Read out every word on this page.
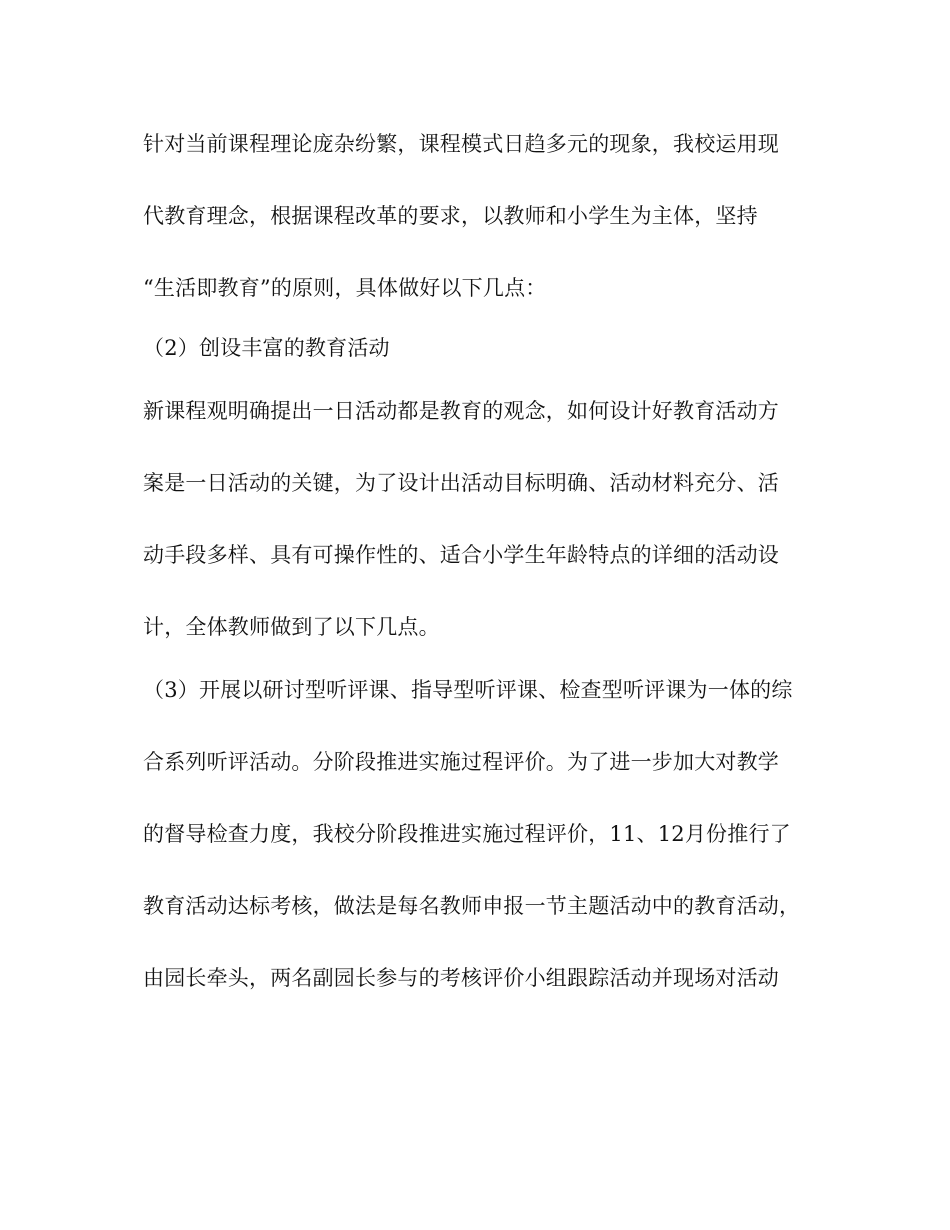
针对当前课程理论庞杂纷繁，课程模式日趋多元的现象，我校运用现
代教育理念，根据课程改革的要求，以教师和小学生为主体，坚持
“生活即教育”的原则，具体做好以下几点：
（2）创设丰富的教育活动
新课程观明确提出一日活动都是教育的观念，如何设计好教育活动方
案是一日活动的关键，为了设计出活动目标明确、活动材料充分、活
动手段多样、具有可操作性的、适合小学生年龄特点的详细的活动设
计，全体教师做到了以下几点。
（3）开展以研讨型听评课、指导型听评课、检查型听评课为一体的综
合系列听评活动。分阶段推进实施过程评价。为了进一步加大对教学
的督导检查力度，我校分阶段推进实施过程评价，11、12月份推行了
教育活动达标考核，做法是每名教师申报一节主题活动中的教育活动，
由园长牵头，两名副园长参与的考核评价小组跟踪活动并现场对活动
